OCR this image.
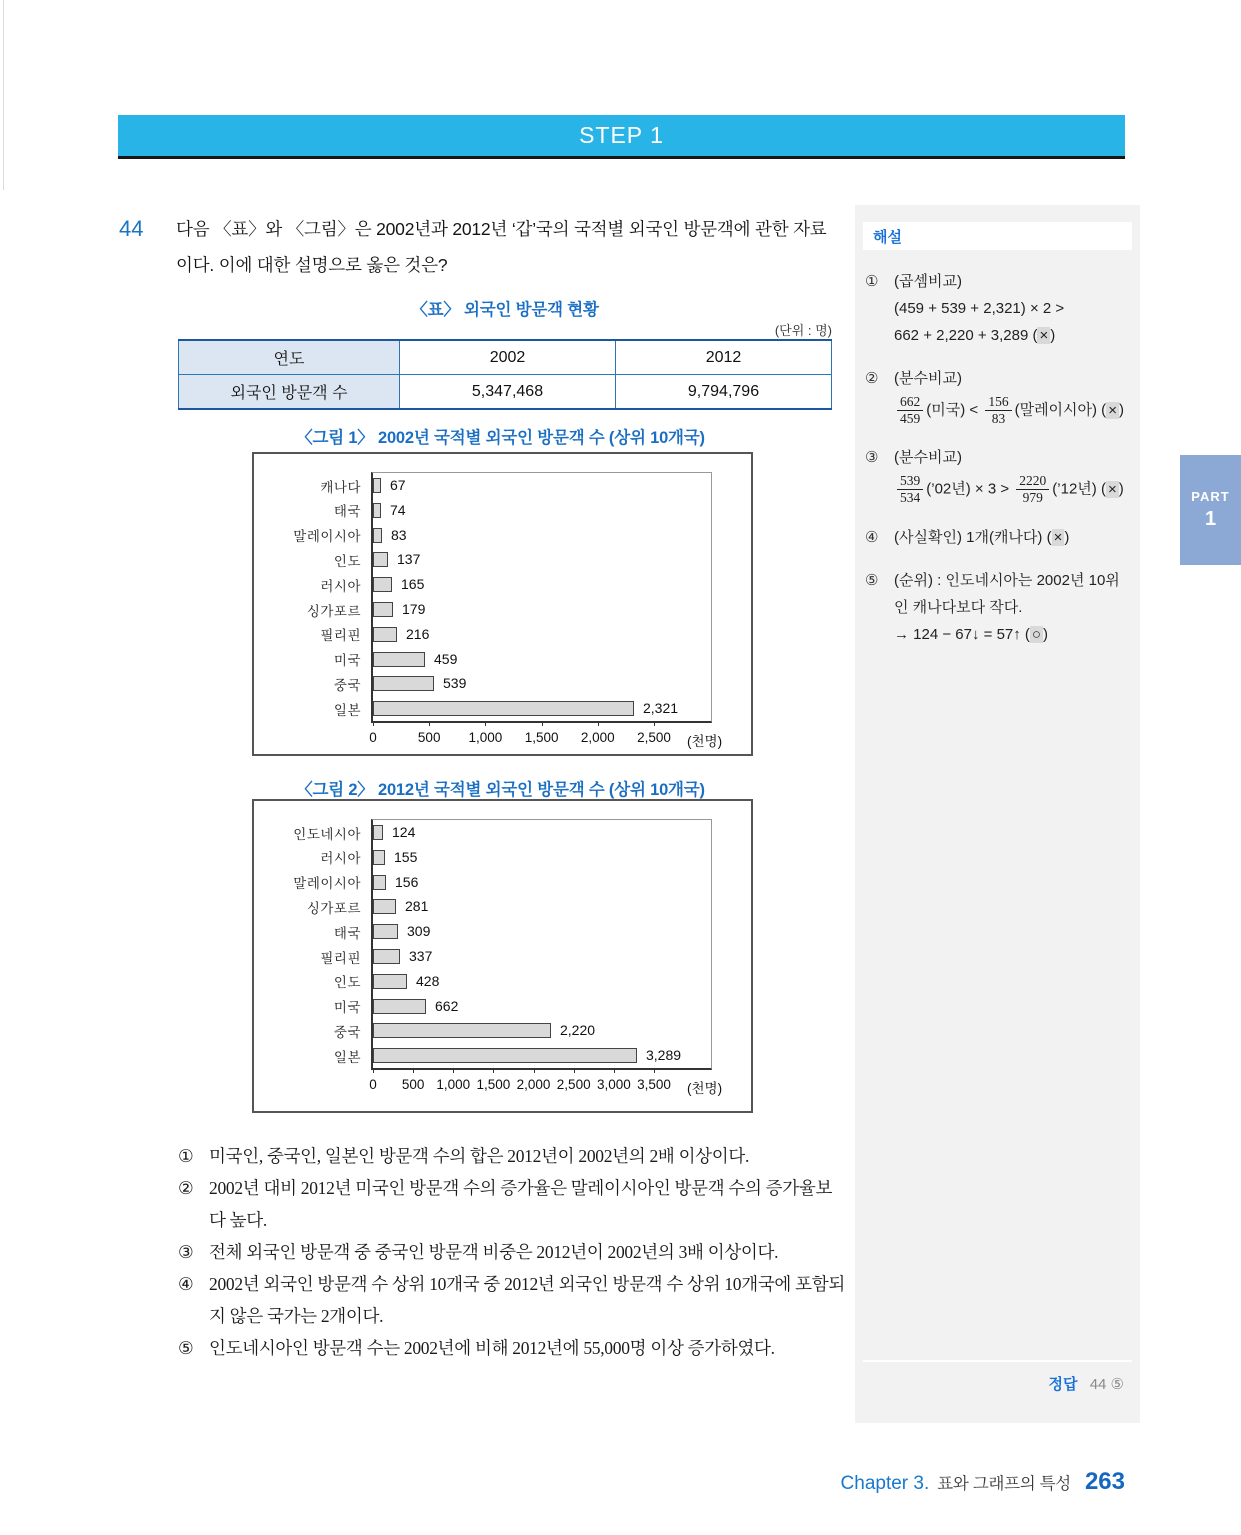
STEP 1
44 다음 〈표〉와 〈그림〉은 2002년과 2012년 ‘갑’국의 국적별 외국인 방문객에 관한 자료이다. 이에 대한 설명으로 옳은 것은?
〈표〉 외국인 방문객 현황
(단위 : 명)
연도	2002	2012
외국인 방문객 수	5,347,468	9,794,796
〈그림 1〉 2002년 국적별 외국인 방문객 수 (상위 10개국)
67
74
83
137
165
179
216
459
539
2,321
0	500	1,000	1,500	2,000	2,500	(천명)
캐나다
태국
말레이시아
인도
러시아
싱가포르
필리핀
미국
중국
일본
〈그림 2〉 2012년 국적별 외국인 방문객 수 (상위 10개국)
124
155
156
281
309
337
428
662
2,220
3,289
0	500 1,000 1,500 2,000 2,500 3,000 3,500	(천명)
인도네시아
러시아
말레이시아
싱가포르
태국
필리핀
인도
미국
중국
일본
① 미국인, 중국인, 일본인 방문객 수의 합은 2012년이 2002년의 2배 이상이다.
② 2002년 대비 2012년 미국인 방문객 수의 증가율은 말레이시아인 방문객 수의 증가율보다 높다.
③ 전체 외국인 방문객 중 중국인 방문객 비중은 2012년이 2002년의 3배 이상이다.
④ 2002년 외국인 방문객 수 상위 10개국 중 2012년 외국인 방문객 수 상위 10개국에 포함되지 않은 국가는 2개이다.
⑤ 인도네시아인 방문객 수는 2002년에 비해 2012년에 55,000명 이상 증가하였다.
해설
①	(곱셈비교)
(459 + 539 + 2,321) × 2 >
662 + 2,220 + 3,289 ( × )
②	(분수비교)
$\frac{662}{459}$ (미국) < $\frac{156}{83}$ (말레이시아) ( × )
③	(분수비교)
$\frac{539}{534}$ (’02년) × $3 > \frac{2220}{979}$ (’12년) ( × )
④	(사실확인) 1개(캐나다) ( × )
⑤	(순위) : 인도네시아는 2002년 10위
인 캐나다보다 작다.
→ 124 − 67↓ = 57↑ ( ○ )
정답 44 ⑤
PART
1
Chapter 3. 표와 그래프의 특성 263
